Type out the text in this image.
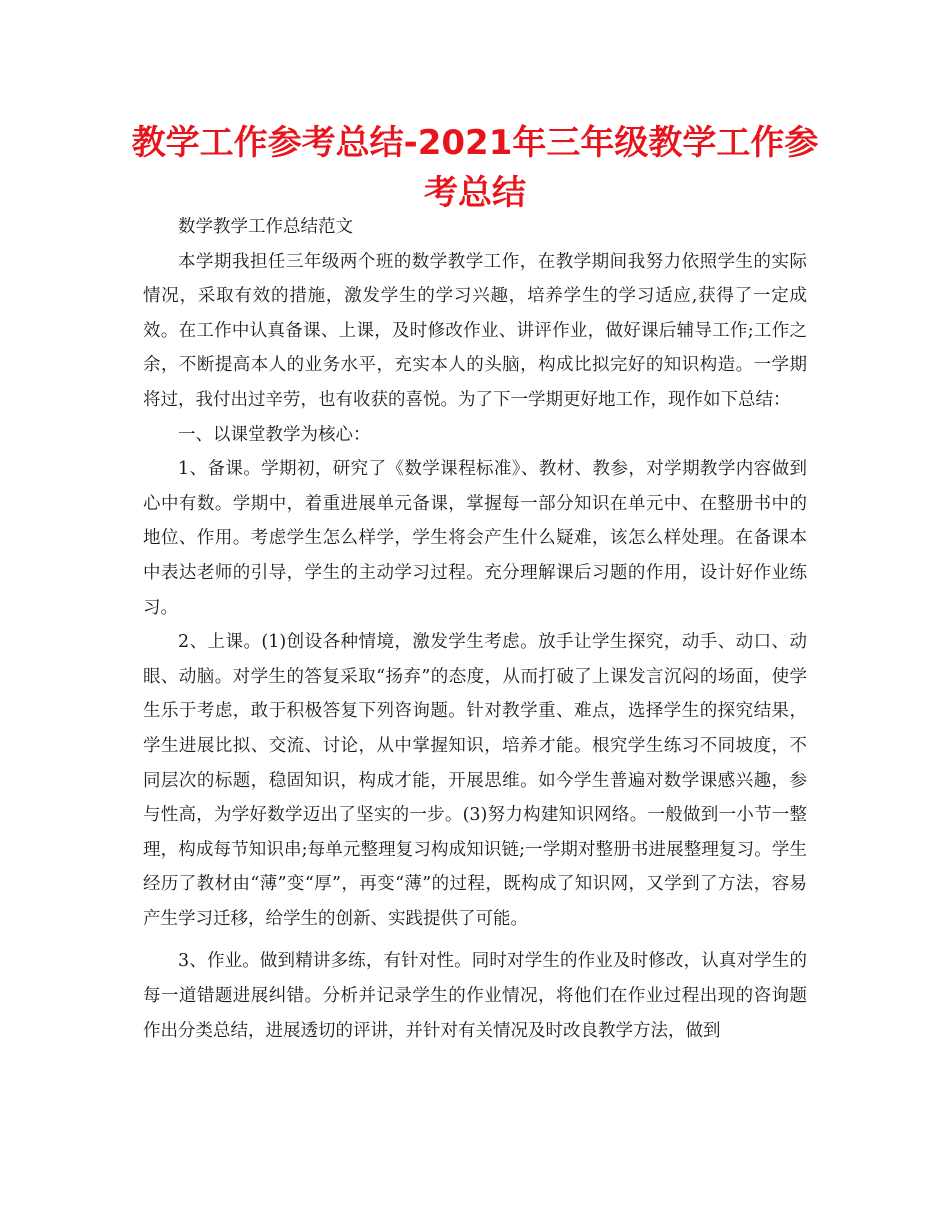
教学工作参考总结-2021年三年级教学工作参考总结

数学教学工作总结范文

本学期我担任三年级两个班的数学教学工作，在教学期间我努力依照学生的实际情况，采取有效的措施，激发学生的学习兴趣，培养学生的学习适应,获得了一定成效。在工作中认真备课、上课，及时修改作业、讲评作业，做好课后辅导工作;工作之余，不断提高本人的业务水平，充实本人的头脑，构成比拟完好的知识构造。一学期将过，我付出过辛劳，也有收获的喜悦。为了下一学期更好地工作，现作如下总结：

一、以课堂教学为核心：

1、备课。学期初，研究了《数学课程标准》、教材、教参，对学期教学内容做到心中有数。学期中，着重进展单元备课，掌握每一部分知识在单元中、在整册书中的地位、作用。考虑学生怎么样学，学生将会产生什么疑难，该怎么样处理。在备课本中表达老师的引导，学生的主动学习过程。充分理解课后习题的作用，设计好作业练习。

2、上课。(1)创设各种情境，激发学生考虑。放手让学生探究，动手、动口、动眼、动脑。对学生的答复采取“扬弃”的态度，从而打破了上课发言沉闷的场面，使学生乐于考虑，敢于积极答复下列咨询题。针对教学重、难点，选择学生的探究结果，学生进展比拟、交流、讨论，从中掌握知识，培养才能。根究学生练习不同坡度，不同层次的标题，稳固知识，构成才能，开展思维。如今学生普遍对数学课感兴趣，参与性高，为学好数学迈出了坚实的一步。(3)努力构建知识网络。一般做到一小节一整理，构成每节知识串;每单元整理复习构成知识链;一学期对整册书进展整理复习。学生经历了教材由“薄”变“厚”，再变“薄”的过程，既构成了知识网，又学到了方法，容易产生学习迁移，给学生的创新、实践提供了可能。

3、作业。做到精讲多练，有针对性。同时对学生的作业及时修改，认真对学生的每一道错题进展纠错。分析并记录学生的作业情况，将他们在作业过程出现的咨询题作出分类总结，进展透切的评讲，并针对有关情况及时改良教学方法，做到
